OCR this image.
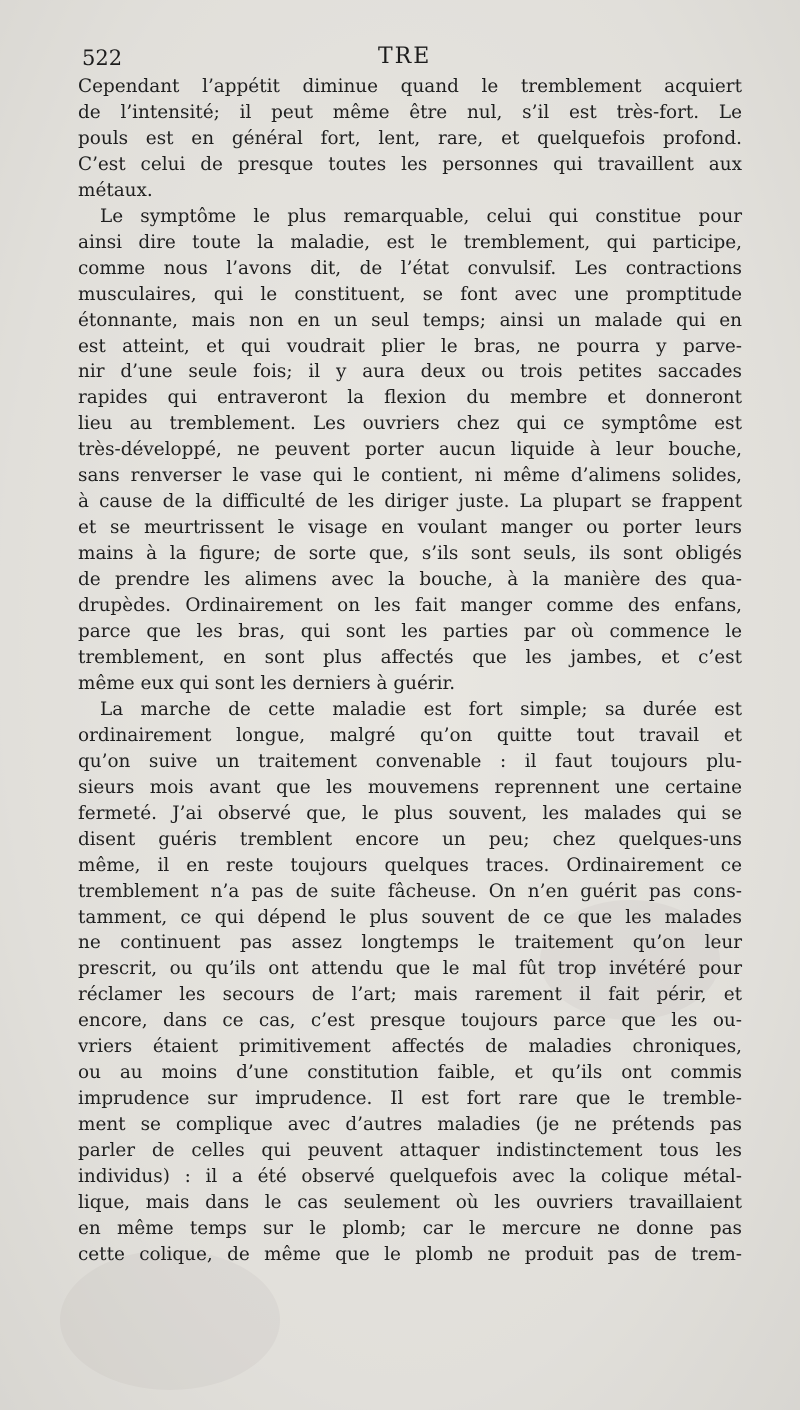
522	TRE
Cependant l’appétit diminue quand le tremblement acquiert
de l’intensité; il peut même être nul, s’il est très-fort. Le
pouls est en général fort, lent, rare, et quelquefois profond.
C’est celui de presque toutes les personnes qui travaillent aux
métaux.
Le symptôme le plus remarquable, celui qui constitue pour
ainsi dire toute la maladie, est le tremblement, qui participe,
comme nous l’avons dit, de l’état convulsif. Les contractions
musculaires, qui le constituent, se font avec une promptitude
étonnante, mais non en un seul temps; ainsi un malade qui en
est atteint, et qui voudrait plier le bras, ne pourra y parve-
nir d’une seule fois; il y aura deux ou trois petites saccades
rapides qui entraveront la flexion du membre et donneront
lieu au tremblement. Les ouvriers chez qui ce symptôme est
très-développé, ne peuvent porter aucun liquide à leur bouche,
sans renverser le vase qui le contient, ni même d’alimens solides,
à cause de la difficulté de les diriger juste. La plupart se frappent
et se meurtrissent le visage en voulant manger ou porter leurs
mains à la figure; de sorte que, s’ils sont seuls, ils sont obligés
de prendre les alimens avec la bouche, à la manière des qua-
drupèdes. Ordinairement on les fait manger comme des enfans,
parce que les bras, qui sont les parties par où commence le
tremblement, en sont plus affectés que les jambes, et c’est
même eux qui sont les derniers à guérir.
La marche de cette maladie est fort simple; sa durée est
ordinairement longue, malgré qu’on quitte tout travail et
qu’on suive un traitement convenable : il faut toujours plu-
sieurs mois avant que les mouvemens reprennent une certaine
fermeté. J’ai observé que, le plus souvent, les malades qui se
disent guéris tremblent encore un peu; chez quelques-uns
même, il en reste toujours quelques traces. Ordinairement ce
tremblement n’a pas de suite fâcheuse. On n’en guérit pas cons-
tamment, ce qui dépend le plus souvent de ce que les malades
ne continuent pas assez longtemps le traitement qu’on leur
prescrit, ou qu’ils ont attendu que le mal fût trop invétéré pour
réclamer les secours de l’art; mais rarement il fait périr, et
encore, dans ce cas, c’est presque toujours parce que les ou-
vriers étaient primitivement affectés de maladies chroniques,
ou au moins d’une constitution faible, et qu’ils ont commis
imprudence sur imprudence. Il est fort rare que le tremble-
ment se complique avec d’autres maladies (je ne prétends pas
parler de celles qui peuvent attaquer indistinctement tous les
individus) : il a été observé quelquefois avec la colique métal-
lique, mais dans le cas seulement où les ouvriers travaillaient
en même temps sur le plomb; car le mercure ne donne pas
cette colique, de même que le plomb ne produit pas de trem-
